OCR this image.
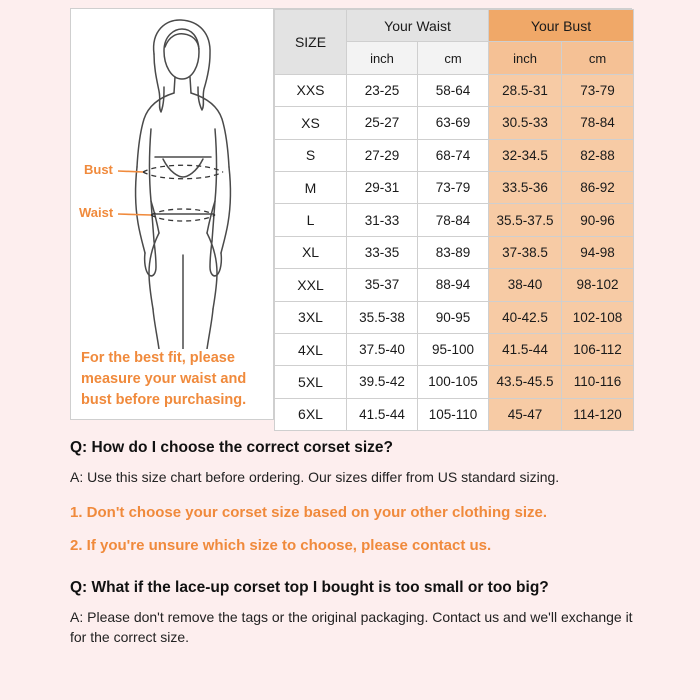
Bust
Waist
For the best fit, please measure your waist and bust before purchasing.
SIZE	Your Waist		Your Bust	
	inch	cm	inch	cm
XXS	23-25	58-64	28.5-31	73-79
XS	25-27	63-69	30.5-33	78-84
S	27-29	68-74	32-34.5	82-88
M	29-31	73-79	33.5-36	86-92
L	31-33	78-84	35.5-37.5	90-96
XL	33-35	83-89	37-38.5	94-98
XXL	35-37	88-94	38-40	98-102
3XL	35.5-38	90-95	40-42.5	102-108
4XL	37.5-40	95-100	41.5-44	106-112
5XL	39.5-42	100-105	43.5-45.5	110-116
6XL	41.5-44	105-110	45-47	114-120

Q: How do I choose the correct corset size?

A: Use this size chart before ordering. Our sizes differ from US standard sizing.

1. Don't choose your corset size based on your other clothing size.

2. If you're unsure which size to choose, please contact us.

Q: What if the lace-up corset top I bought is too small or too big?

A: Please don't remove the tags or the original packaging. Contact us and we'll exchange it for the correct size.
